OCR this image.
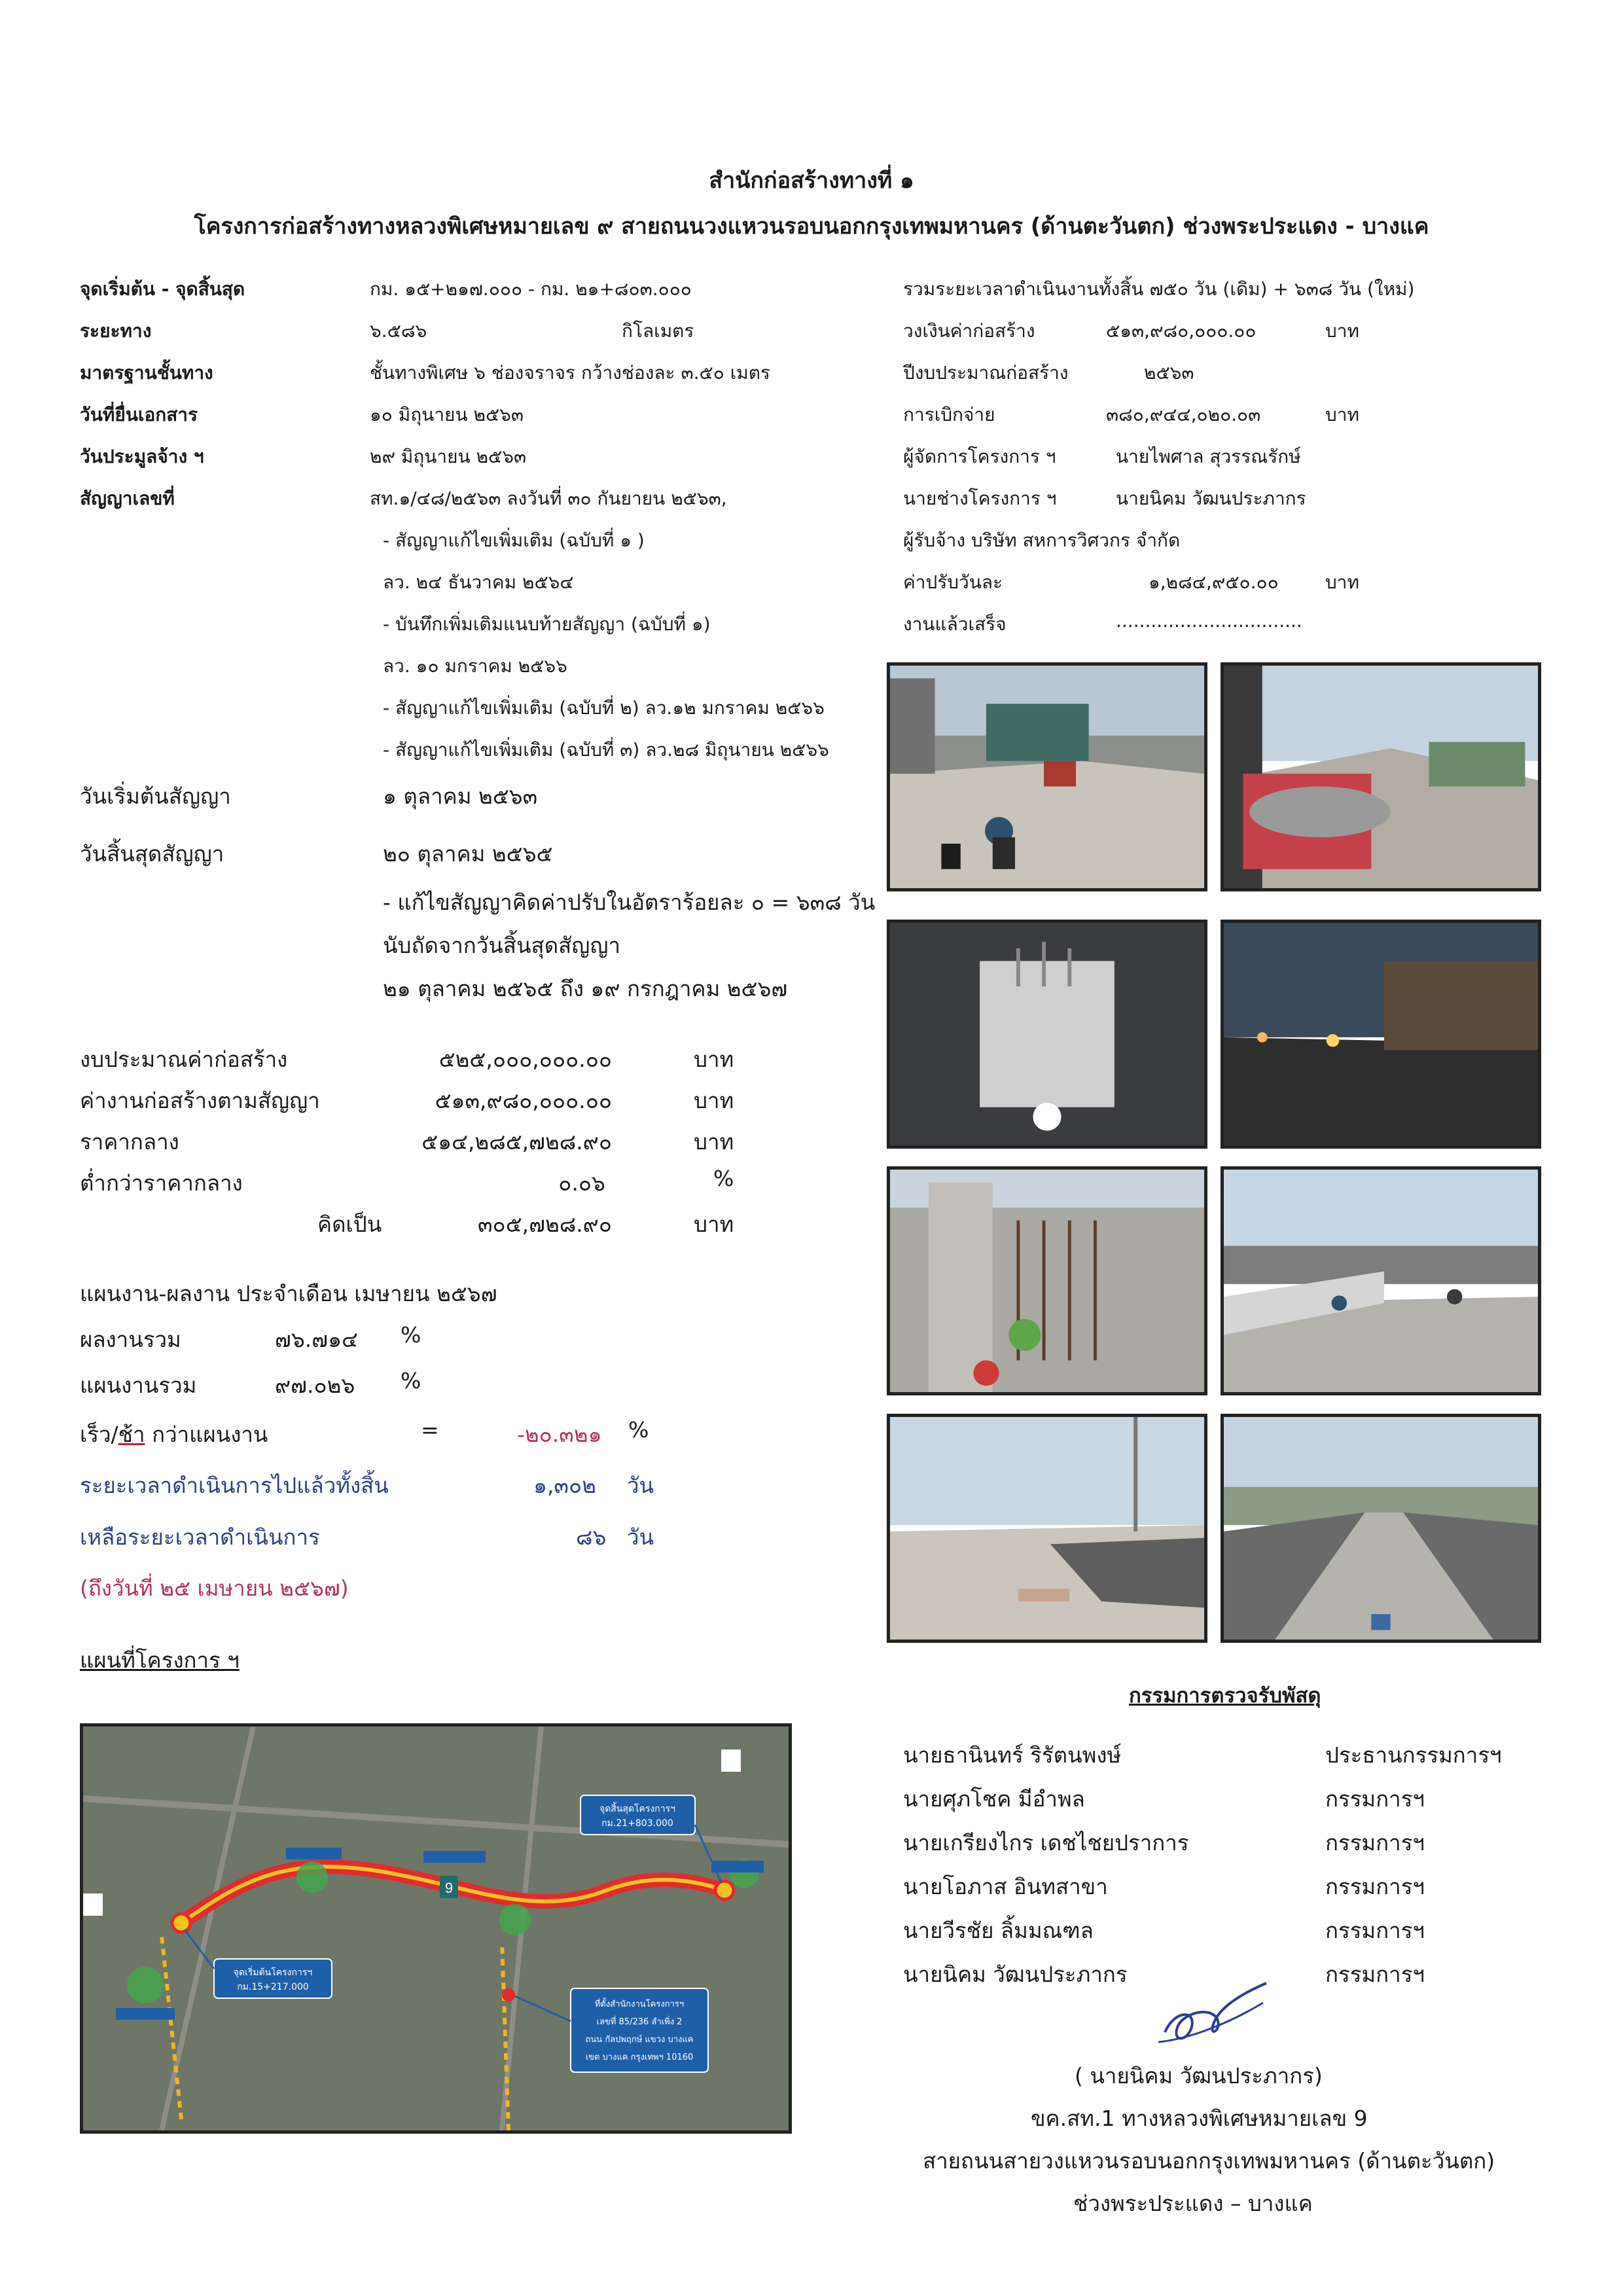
สำนักก่อสร้างทางที่ ๑
โครงการก่อสร้างทางหลวงพิเศษหมายเลข ๙ สายถนนวงแหวนรอบนอกกรุงเทพมหานคร (ด้านตะวันตก) ช่วงพระประแดง - บางแค
จุดเริ่มต้น - จุดสิ้นสุด	กม. ๑๕+๒๑๗.๐๐๐ - กม. ๒๑+๘๐๓.๐๐๐
ระยะทาง	๖.๕๘๖	กิโลเมตร
มาตรฐานชั้นทาง	ชั้นทางพิเศษ ๖ ช่องจราจร กว้างช่องละ ๓.๕๐ เมตร
วันที่ยื่นเอกสาร	๑๐ มิถุนายน ๒๕๖๓
วันประมูลจ้าง ฯ	๒๙ มิถุนายน ๒๕๖๓
สัญญาเลขที่	สท.๑/๔๘/๒๕๖๓ ลงวันที่ ๓๐ กันยายน ๒๕๖๓,
- สัญญาแก้ไขเพิ่มเติม (ฉบับที่ ๑ )
ลว. ๒๔ ธันวาคม ๒๕๖๔
- บันทึกเพิ่มเติมแนบท้ายสัญญา (ฉบับที่ ๑)
ลว. ๑๐ มกราคม ๒๕๖๖
- สัญญาแก้ไขเพิ่มเติม (ฉบับที่ ๒) ลว.๑๒ มกราคม ๒๕๖๖
- สัญญาแก้ไขเพิ่มเติม (ฉบับที่ ๓) ลว.๒๘ มิถุนายน ๒๕๖๖
วันเริ่มต้นสัญญา	๑ ตุลาคม ๒๕๖๓
วันสิ้นสุดสัญญา	๒๐ ตุลาคม ๒๕๖๕
- แก้ไขสัญญาคิดค่าปรับในอัตราร้อยละ ๐ = ๖๓๘ วัน
นับถัดจากวันสิ้นสุดสัญญา
๒๑ ตุลาคม ๒๕๖๕ ถึง ๑๙ กรกฎาคม ๒๕๖๗
งบประมาณค่าก่อสร้าง	๕๒๕,๐๐๐,๐๐๐.๐๐	บาท
ค่างานก่อสร้างตามสัญญา	๕๑๓,๙๘๐,๐๐๐.๐๐	บาท
ราคากลาง	๕๑๔,๒๘๕,๗๒๘.๙๐	บาท
ต่ำกว่าราคากลาง	๐.๐๖	%
คิดเป็น	๓๐๕,๗๒๘.๙๐	บาท
แผนงาน-ผลงาน ประจำเดือน เมษายน ๒๕๖๗
ผลงานรวม	๗๖.๗๑๔ %
แผนงานรวม	๙๗.๐๒๖ %
เร็ว/ช้า กว่าแผนงาน	=	-๒๐.๓๒๑ %
ระยะเวลาดำเนินการไปแล้วทั้งสิ้น	๑,๓๐๒ วัน
เหลือระยะเวลาดำเนินการ	๘๖ วัน
(ถึงวันที่ ๒๕ เมษายน ๒๕๖๗)
รวมระยะเวลาดำเนินงานทั้งสิ้น ๗๕๐ วัน (เดิม) + ๖๓๘ วัน (ใหม่)
วงเงินค่าก่อสร้าง	๕๑๓,๙๘๐,๐๐๐.๐๐	บาท
ปีงบประมาณก่อสร้าง	๒๕๖๓
การเบิกจ่าย	๓๘๐,๙๔๔,๐๒๐.๐๓	บาท
ผู้จัดการโครงการ ฯ	นายไพศาล สุวรรณรักษ์
นายช่างโครงการ ฯ	นายนิคม วัฒนประภากร
ผู้รับจ้าง บริษัท สหการวิศวกร จำกัด
ค่าปรับวันละ	๑,๒๘๔,๙๕๐.๐๐	บาท
งานแล้วเสร็จ	................................
แผนที่โครงการ ฯ
9
จุดเริ่มต้นโครงการฯ
กม.15+217.000
จุดสิ้นสุดโครงการฯ
กม.21+803.000
ที่ตั้งสำนักงานโครงการฯ
เลขที่ 85/236 ลำเพิ่ง 2
ถนน กัลปพฤกษ์ แขวง บางแค
เขต บางแค กรุงเทพฯ 10160
กรรมการตรวจรับพัสดุ
นายธานินทร์ ริรัตนพงษ์	ประธานกรรมการฯ
นายศุภโชค มีอำพล	กรรมการฯ
นายเกรียงไกร เดชไชยปราการ	กรรมการฯ
นายโอภาส อินทสาขา	กรรมการฯ
นายวีรชัย ลิ้มมณฑล	กรรมการฯ
นายนิคม วัฒนประภากร	กรรมการฯ
( นายนิคม วัฒนประภากร)
ขค.สท.1 ทางหลวงพิเศษหมายเลข 9
สายถนนสายวงแหวนรอบนอกกรุงเทพมหานคร (ด้านตะวันตก)
ช่วงพระประแดง – บางแค
